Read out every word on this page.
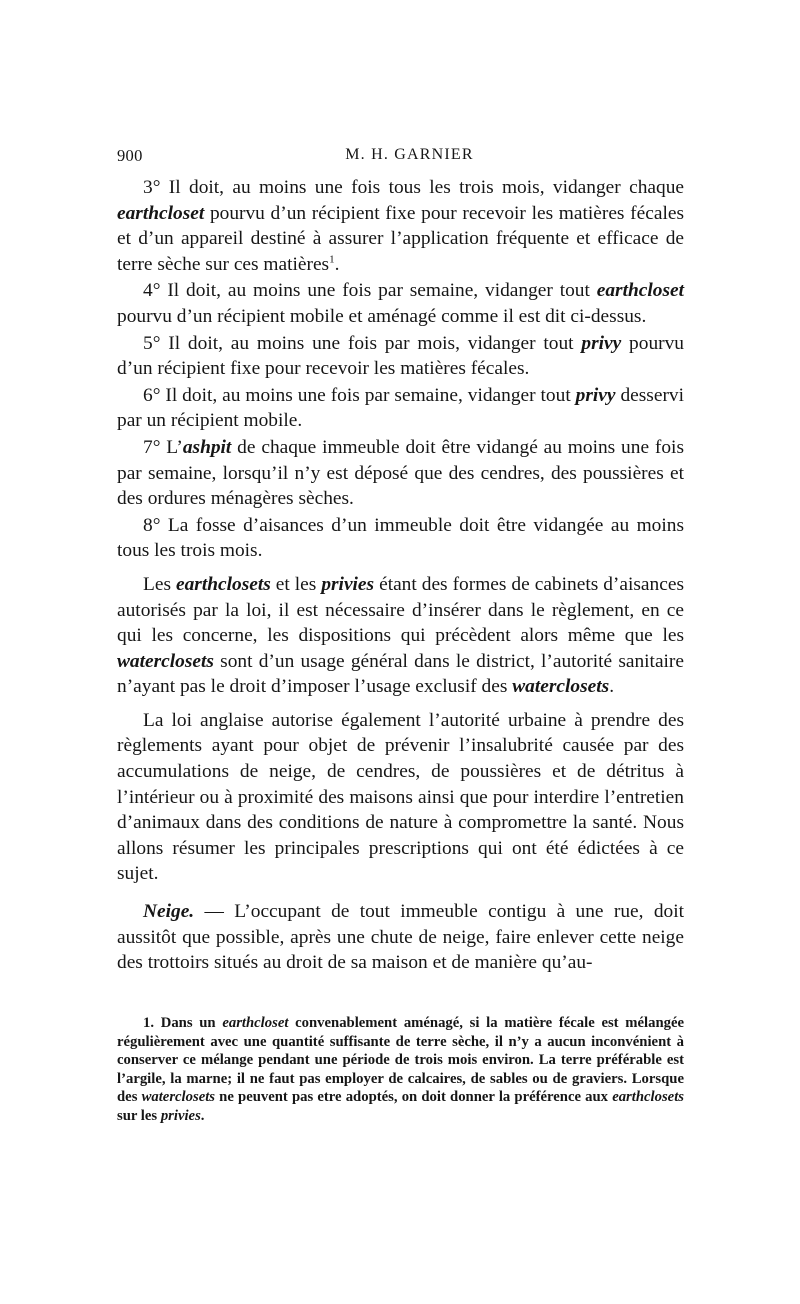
900	M. H. GARNIER

3° Il doit, au moins une fois tous les trois mois, vidanger chaque earthcloset pourvu d’un récipient fixe pour recevoir les matières fécales et d’un appareil destiné à assurer l’application fréquente et efficace de terre sèche sur ces matières$^1$.

4° Il doit, au moins une fois par semaine, vidanger tout earthcloset pourvu d’un récipient mobile et aménagé comme il est dit ci-dessus.

5° Il doit, au moins une fois par mois, vidanger tout privy pourvu d’un récipient fixe pour recevoir les matières fécales.

6° Il doit, au moins une fois par semaine, vidanger tout privy desservi par un récipient mobile.

7° L’ashpit de chaque immeuble doit être vidangé au moins une fois par semaine, lorsqu’il n’y est déposé que des cendres, des poussières et des ordures ménagères sèches.

8° La fosse d’aisances d’un immeuble doit être vidangée au moins tous les trois mois.

Les earthclosets et les privies étant des formes de cabinets d’aisances autorisés par la loi, il est nécessaire d’insérer dans le règlement, en ce qui les concerne, les dispositions qui précèdent alors même que les waterclosets sont d’un usage général dans le district, l’autorité sanitaire n’ayant pas le droit d’imposer l’usage exclusif des waterclosets.

La loi anglaise autorise également l’autorité urbaine à prendre des règlements ayant pour objet de prévenir l’insalubrité causée par des accumulations de neige, de cendres, de poussières et de détritus à l’intérieur ou à proximité des maisons ainsi que pour interdire l’entretien d’animaux dans des conditions de nature à compromettre la santé. Nous allons résumer les principales prescriptions qui ont été édictées à ce sujet.

Neige. — L’occupant de tout immeuble contigu à une rue, doit aussitôt que possible, après une chute de neige, faire enlever cette neige des trottoirs situés au droit de sa maison et de manière qu’au-

1. Dans un earthcloset convenablement aménagé, si la matière fécale est mélangée régulièrement avec une quantité suffisante de terre sèche, il n’y a aucun inconvénient à conserver ce mélange pendant une période de trois mois environ. La terre préférable est l’argile, la marne; il ne faut pas employer de calcaires, de sables ou de graviers. Lorsque des waterclosets ne peuvent pas etre adoptés, on doit donner la préférence aux earthclosets sur les privies.
